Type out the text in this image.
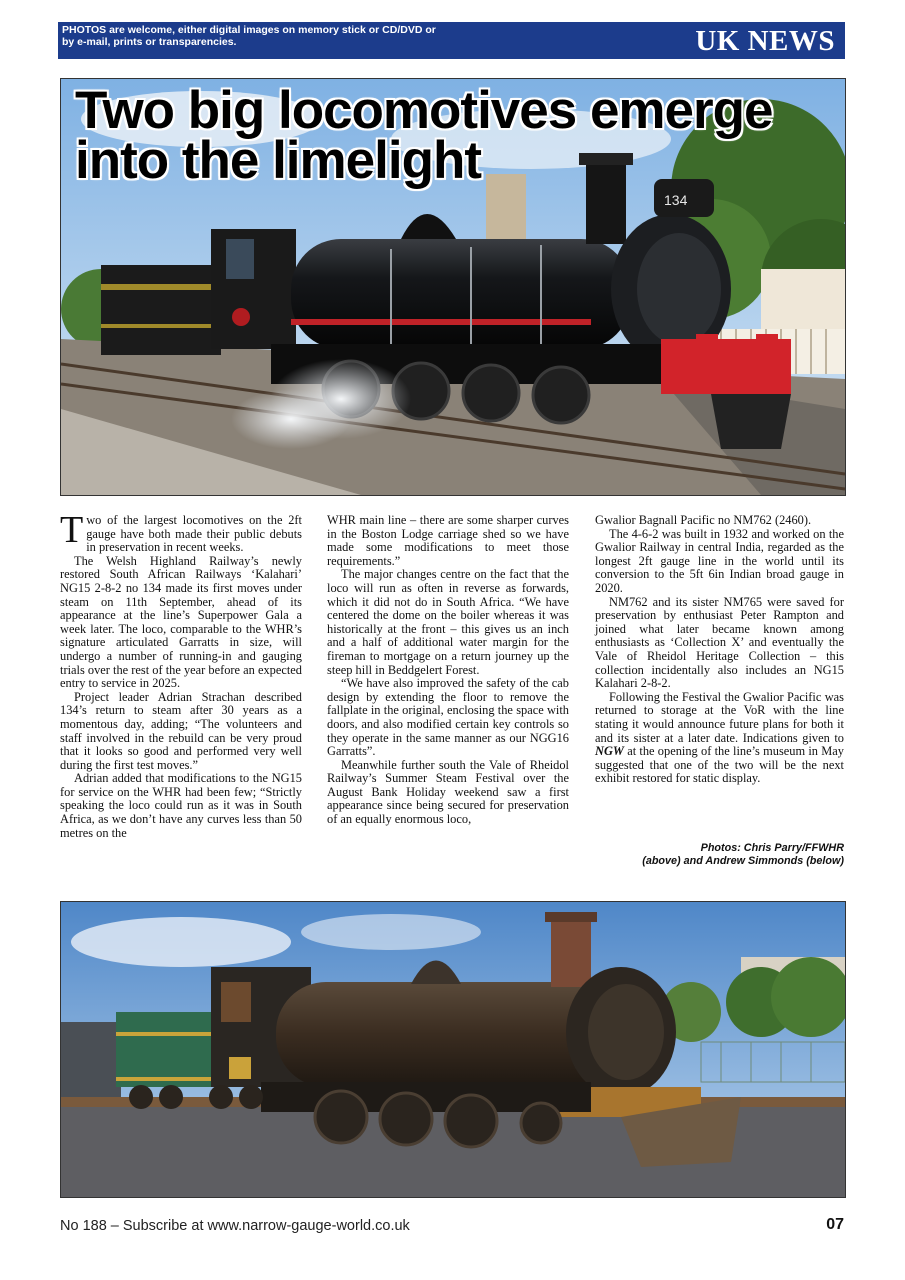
PHOTOS are welcome, either digital images on memory stick or CD/DVD or by e-mail, prints or transparencies.	UK NEWS
134
Two big locomotives emerge
into the limelight

Two of the largest locomotives on the 2ft gauge have both made their public debuts in preservation in recent weeks.

The Welsh Highland Railway’s newly restored South African Railways ‘Kalahari’ NG15 2-8-2 no 134 made its first moves under steam on 11th September, ahead of its appearance at the line’s Superpower Gala a week later. The loco, comparable to the WHR’s signature articulated Garratts in size, will undergo a number of running-in and gauging trials over the rest of the year before an expected entry to service in 2025.

Project leader Adrian Strachan described 134’s return to steam after 30 years as a momentous day, adding; “The volunteers and staff involved in the rebuild can be very proud that it looks so good and performed very well during the first test moves.”

Adrian added that modifications to the NG15 for service on the WHR had been few; “Strictly speaking the loco could run as it was in South Africa, as we don’t have any curves less than 50 metres on the

WHR main line – there are some sharper curves in the Boston Lodge carriage shed so we have made some modifications to meet those requirements.”

The major changes centre on the fact that the loco will run as often in reverse as forwards, which it did not do in South Africa. “We have centered the dome on the boiler whereas it was historically at the front – this gives us an inch and a half of additional water margin for the fireman to mortgage on a return journey up the steep hill in Beddgelert Forest.

“We have also improved the safety of the cab design by extending the floor to remove the fallplate in the original, enclosing the space with doors, and also modified certain key controls so they operate in the same manner as our NGG16 Garratts”.

Meanwhile further south the Vale of Rheidol Railway’s Summer Steam Festival over the August Bank Holiday weekend saw a first appearance since being secured for preservation of an equally enormous loco,

Gwalior Bagnall Pacific no NM762 (2460).

The 4-6-2 was built in 1932 and worked on the Gwalior Railway in central India, regarded as the longest 2ft gauge line in the world until its conversion to the 5ft 6in Indian broad gauge in 2020.

NM762 and its sister NM765 were saved for preservation by enthusiast Peter Rampton and joined what later became known among enthusiasts as ‘Collection X’ and eventually the Vale of Rheidol Heritage Collection – this collection incidentally also includes an NG15 Kalahari 2-8-2.

Following the Festival the Gwalior Pacific was returned to storage at the VoR with the line stating it would announce future plans for both it and its sister at a later date. Indications given to NGW at the opening of the line’s museum in May suggested that one of the two will be the next exhibit restored for static display.

Photos: Chris Parry/FFWHR
(above) and Andrew Simmonds (below)
No 188 – Subscribe at www.narrow-gauge-world.co.uk	07
